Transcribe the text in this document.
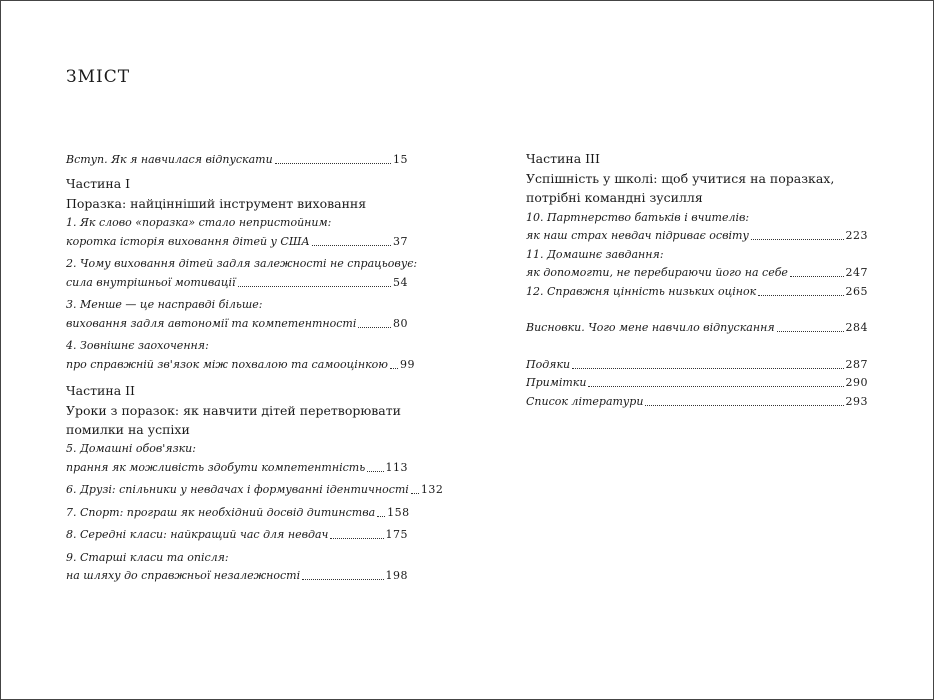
ЗМІСТ
Вступ. Як я навчилася відпускати	15
Частина I
Поразка: найцінніший інструмент виховання
1. Як слово «поразка» стало непристойним:
коротка історія виховання дітей у США	37
2. Чому виховання дітей задля залежності не спрацьовує:
сила внутрішньої мотивації	54
3. Менше — це насправді більше:
виховання задля автономії та компетентності	80
4. Зовнішнє заохочення:
про справжній зв'язок між похвалою та самооцінкою 99
Частина II
Уроки з поразок: як навчити дітей перетворювати
помилки на успіхи
5. Домашні обов'язки:
прання як можливість здобути компетентність 113
6. Друзі: спільники у невдачах і формуванні ідентичності 132
7. Спорт: програш як необхідний досвід дитинства 158
8. Середні класи: найкращий час для невдач	175
9. Старші класи та опісля:
на шляху до справжньої незалежності	198
Частина III
Успішність у школі: щоб учитися на поразках,
потрібні командні зусилля
10. Партнерство батьків і вчителів:
як наш страх невдач підриває освіту	223
11. Домашнє завдання:
як допомогти, не перебираючи його на себе	247
12. Справжня цінність низьких оцінок	265
Висновки. Чого мене навчило відпускання	284
Подяки	287
Примітки	290
Список літератури	293
